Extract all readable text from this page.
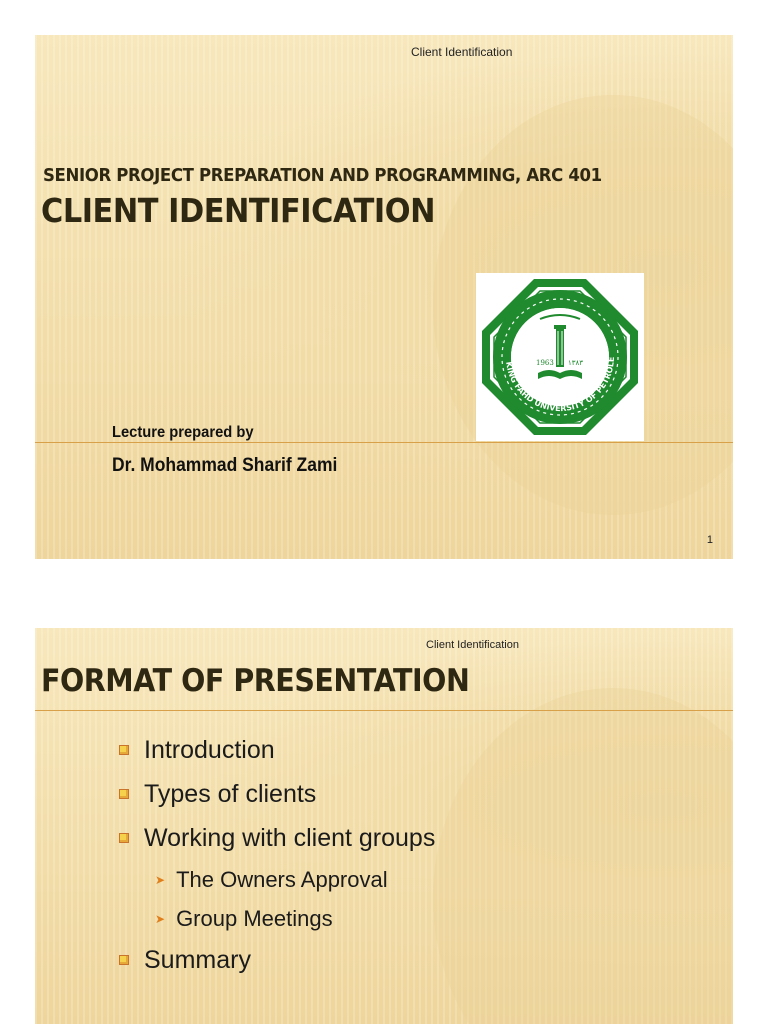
Client Identification
SENIOR PROJECT PREPARATION AND PROGRAMMING, ARC 401
CLIENT IDENTIFICATION
1963 ١٣٨٣
KING FAHD UNIVERSITY OF PETROLE
Lecture prepared by
Dr. Mohammad Sharif Zami
1
Client Identification
FORMAT OF PRESENTATION
Introduction
Types of clients
Working with client groups
➤ The Owners Approval
➤ Group Meetings
Summary
